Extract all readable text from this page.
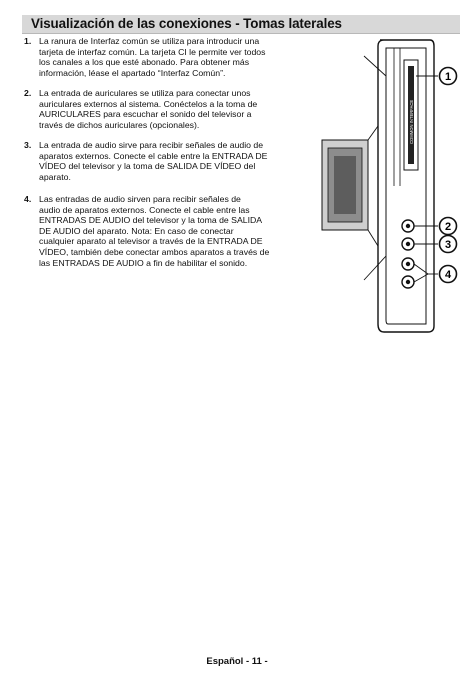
Visualización de las conexiones - Tomas laterales
1. La ranura de Interfaz común se utiliza para introducir una
tarjeta de interfaz común. La tarjeta CI le permite ver todos
los canales a los que esté abonado. Para obtener más
información, léase el apartado “Interfaz Común”.
2. La entrada de auriculares se utiliza para conectar unos
auriculares externos al sistema. Conéctelos a la toma de
AURICULARES para escuchar el sonido del televisor a
través de dichos auriculares (opcionales).
3. La entrada de audio sirve para recibir señales de audio de
aparatos externos. Conecte el cable entre la ENTRADA DE
VÍDEO del televisor y la toma de SALIDA DE VÍDEO del
aparato.
4. Las entradas de audio sirven para recibir señales de
audio de aparatos externos. Conecte el cable entre las
ENTRADAS DE AUDIO del televisor y la toma de SALIDA
DE AUDIO del aparato. Nota: En caso de conectar
cualquier aparato al televisor a través de la ENTRADA DE
VÍDEO, también debe conectar ambos aparatos a través de
las ENTRADAS DE AUDIO a fin de habilitar el sonido.
COMMON INTERFACE
1
2
3
4
Español - 11 -
